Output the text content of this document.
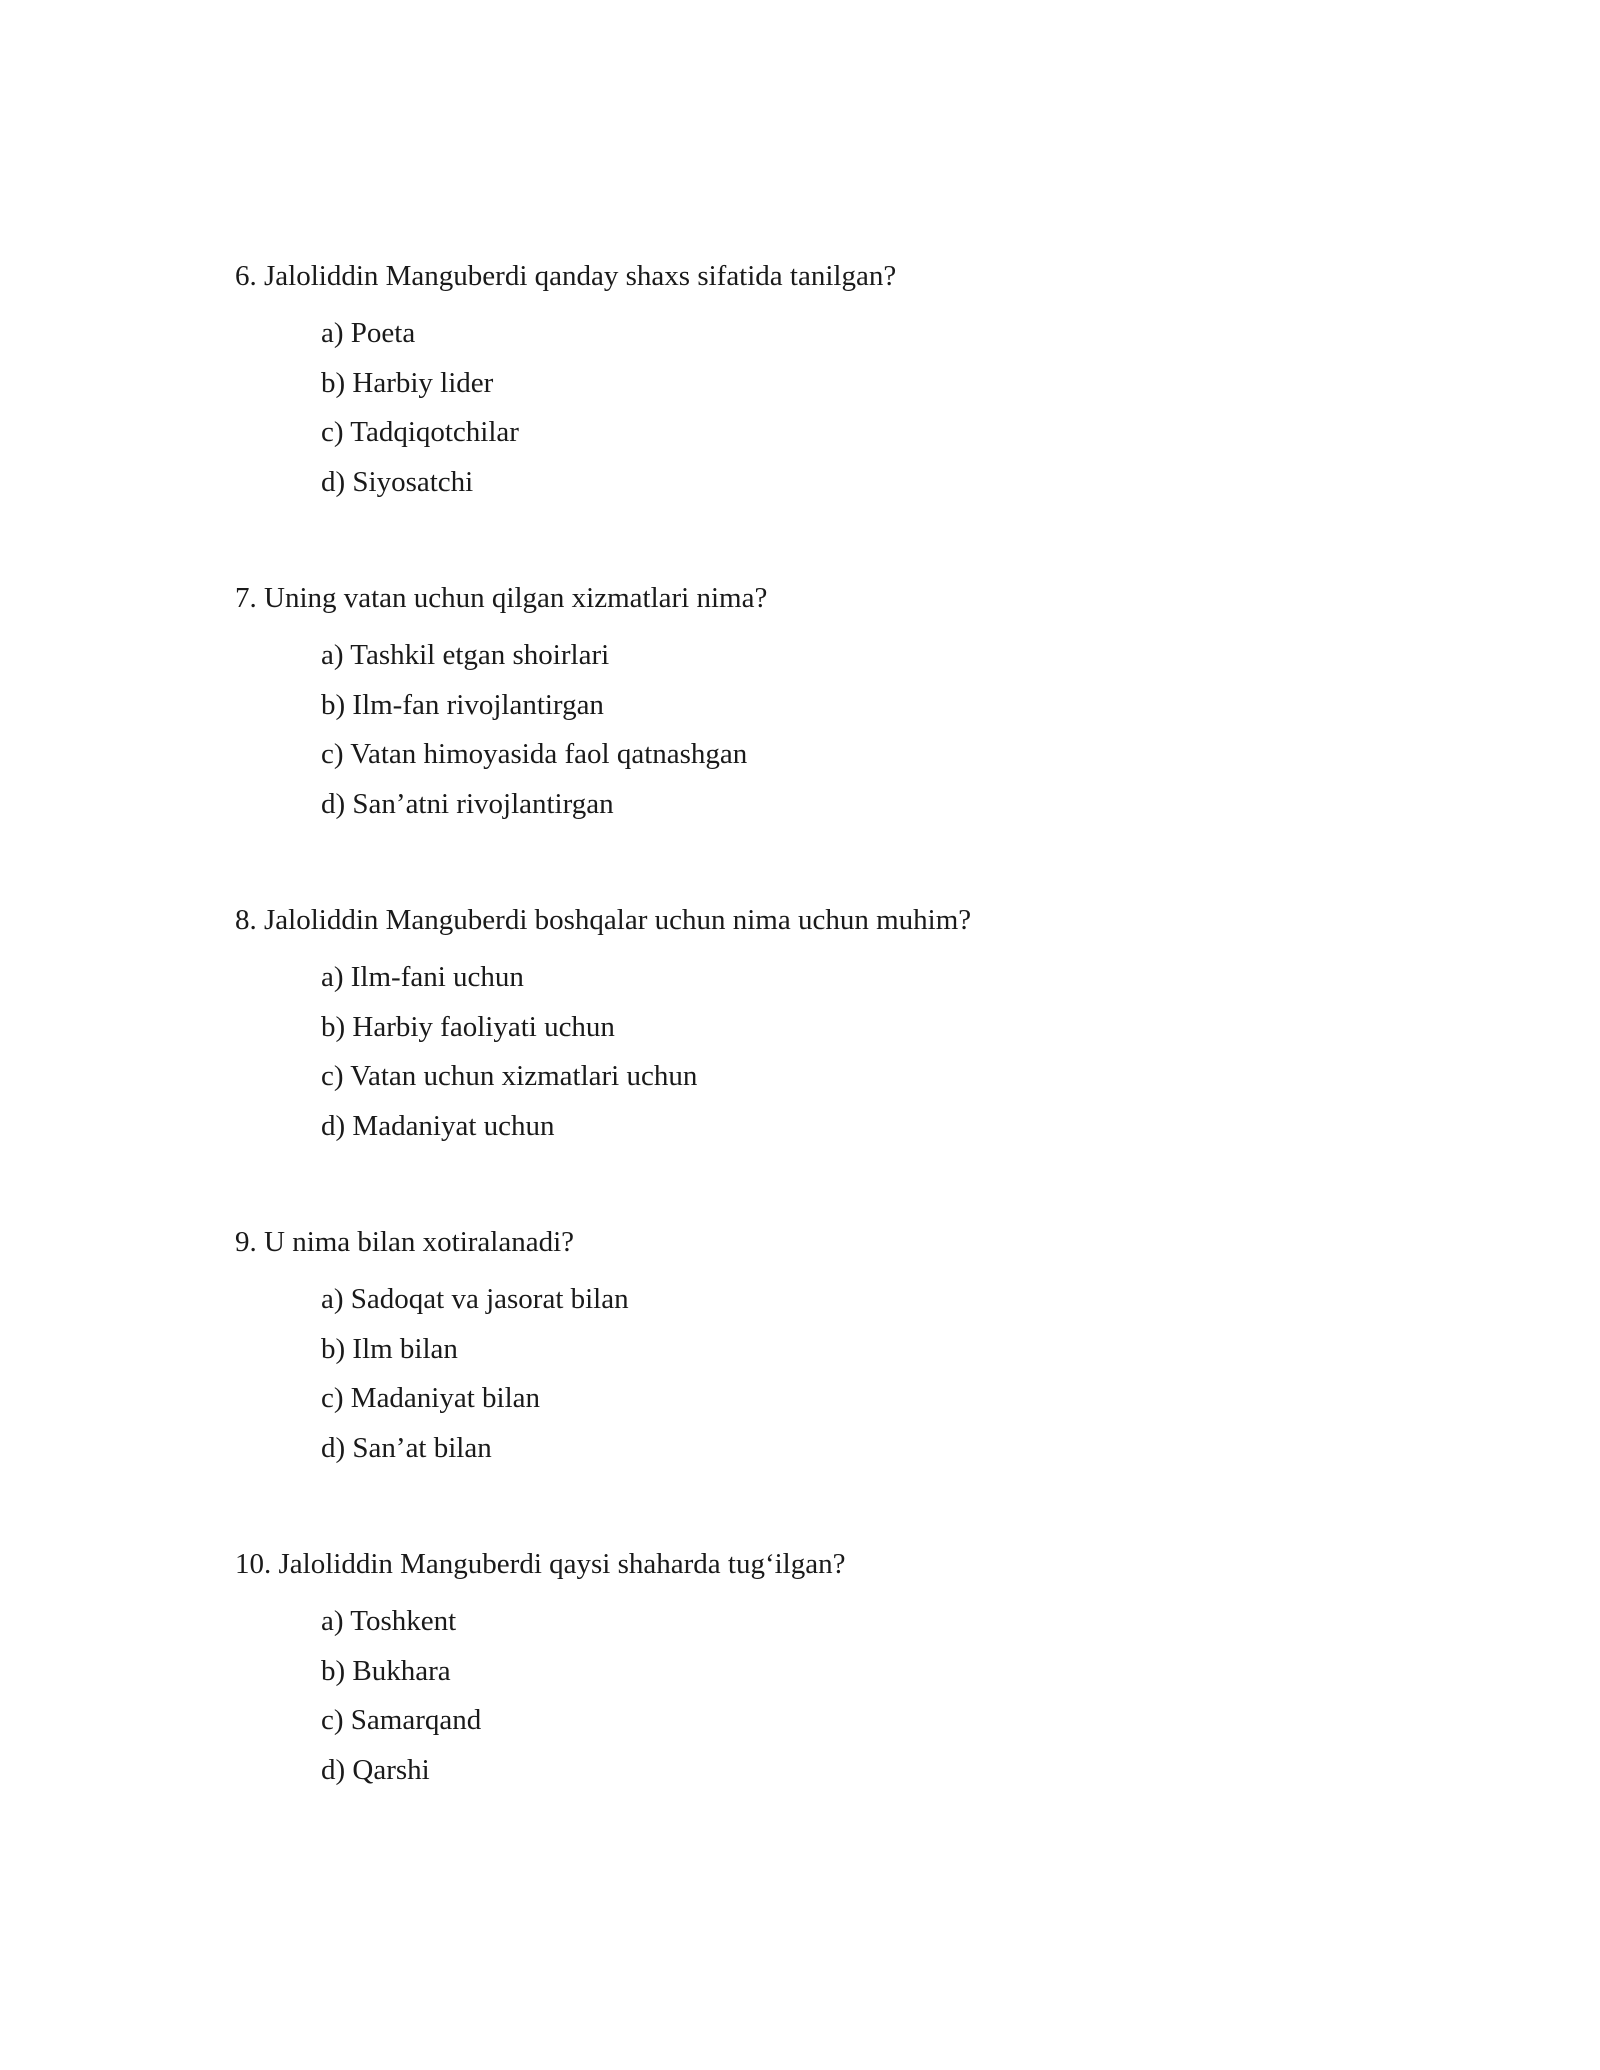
6. Jaloliddin Manguberdi qanday shaxs sifatida tanilgan?

a) Poeta
b) Harbiy lider
c) Tadqiqotchilar
d) Siyosatchi

7. Uning vatan uchun qilgan xizmatlari nima?

a) Tashkil etgan shoirlari
b) Ilm-fan rivojlantirgan
c) Vatan himoyasida faol qatnashgan
d) San’atni rivojlantirgan

8. Jaloliddin Manguberdi boshqalar uchun nima uchun muhim?

a) Ilm-fani uchun
b) Harbiy faoliyati uchun
c) Vatan uchun xizmatlari uchun
d) Madaniyat uchun

9. U nima bilan xotiralanadi?

a) Sadoqat va jasorat bilan
b) Ilm bilan
c) Madaniyat bilan
d) San’at bilan

10. Jaloliddin Manguberdi qaysi shaharda tug‘ilgan?

a) Toshkent
b) Bukhara
c) Samarqand
d) Qarshi
